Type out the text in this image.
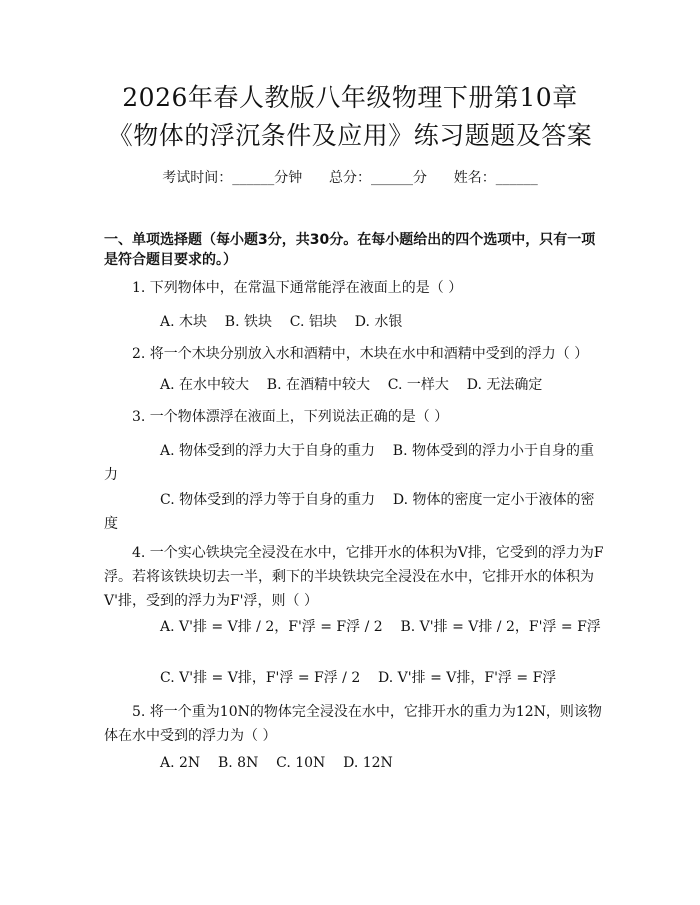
2026年春人教版八年级物理下册第10章
《物体的浮沉条件及应用》练习题题及答案
考试时间：______分钟      总分：______分      姓名：______
一、单项选择题（每小题3分，共30分。在每小题给出的四个选项中，只有一项
是符合题目要求的。）
1. 下列物体中，在常温下通常能浮在液面上的是（ ）
A. 木块    B. 铁块    C. 铝块    D. 水银
2. 将一个木块分别放入水和酒精中，木块在水中和酒精中受到的浮力（ ）
A. 在水中较大    B. 在酒精中较大    C. 一样大    D. 无法确定
3. 一个物体漂浮在液面上，下列说法正确的是（ ）
A. 物体受到的浮力大于自身的重力    B. 物体受到的浮力小于自身的重力
C. 物体受到的浮力等于自身的重力    D. 物体的密度一定小于液体的密度
4. 一个实心铁块完全浸没在水中，它排开水的体积为V排，它受到的浮力为F浮。若将该铁块切去一半，剩下的半块铁块完全浸没在水中，它排开水的体积为V'排，受到的浮力为F'浮，则（ ）
A. V'排 = V排 / 2，F'浮 = F浮 / 2    B. V'排 = V排 / 2，F'浮 = F浮
C. V'排 = V排，F'浮 = F浮 / 2    D. V'排 = V排，F'浮 = F浮
5. 将一个重为10N的物体完全浸没在水中，它排开水的重力为12N，则该物体在水中受到的浮力为（ ）
A. 2N    B. 8N    C. 10N    D. 12N
